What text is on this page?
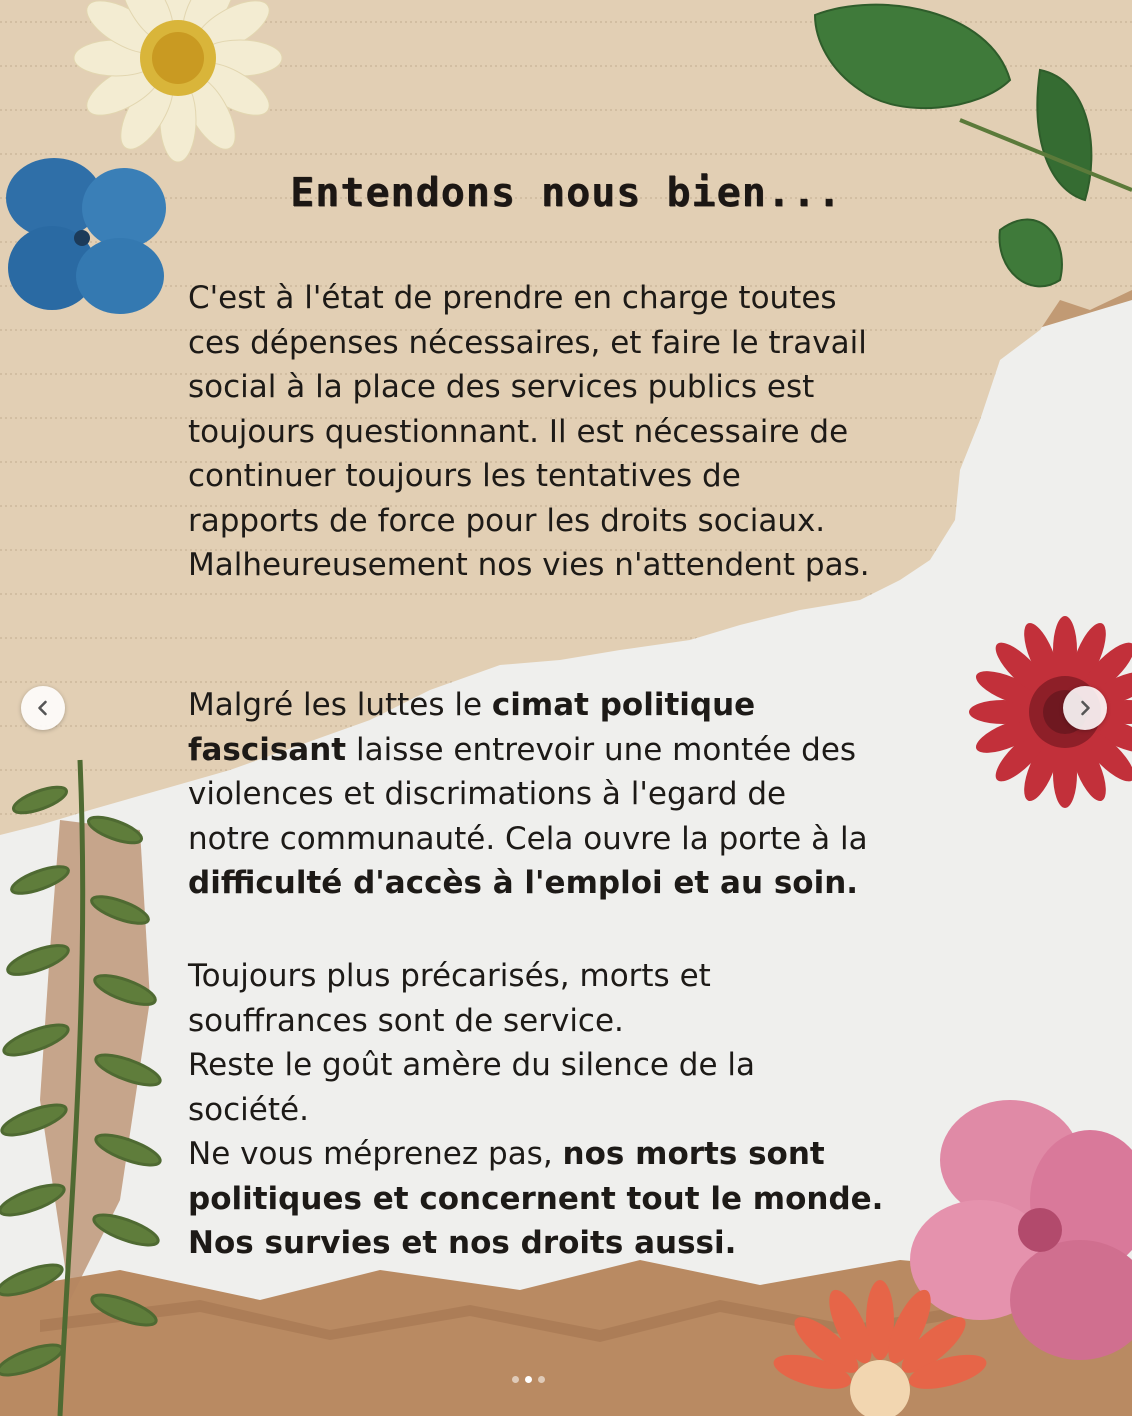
Entendons nous bien...

C'est à l'état de prendre en charge toutes
ces dépenses nécessaires, et faire le travail
social à la place des services publics est
toujours questionnant. Il est nécessaire de
continuer toujours les tentatives de
rapports de force pour les droits sociaux.
Malheureusement nos vies n'attendent pas.

Malgré les luttes le cimat politique
fascisant laisse entrevoir une montée des
violences et discrimations à l'egard de
notre communauté. Cela ouvre la porte à la
difficulté d'accès à l'emploi et au soin.

Toujours plus précarisés, morts et
souffrances sont de service.
Reste le goût amère du silence de la
société.
Ne vous méprenez pas, nos morts sont
politiques et concernent tout le monde.
Nos survies et nos droits aussi.
